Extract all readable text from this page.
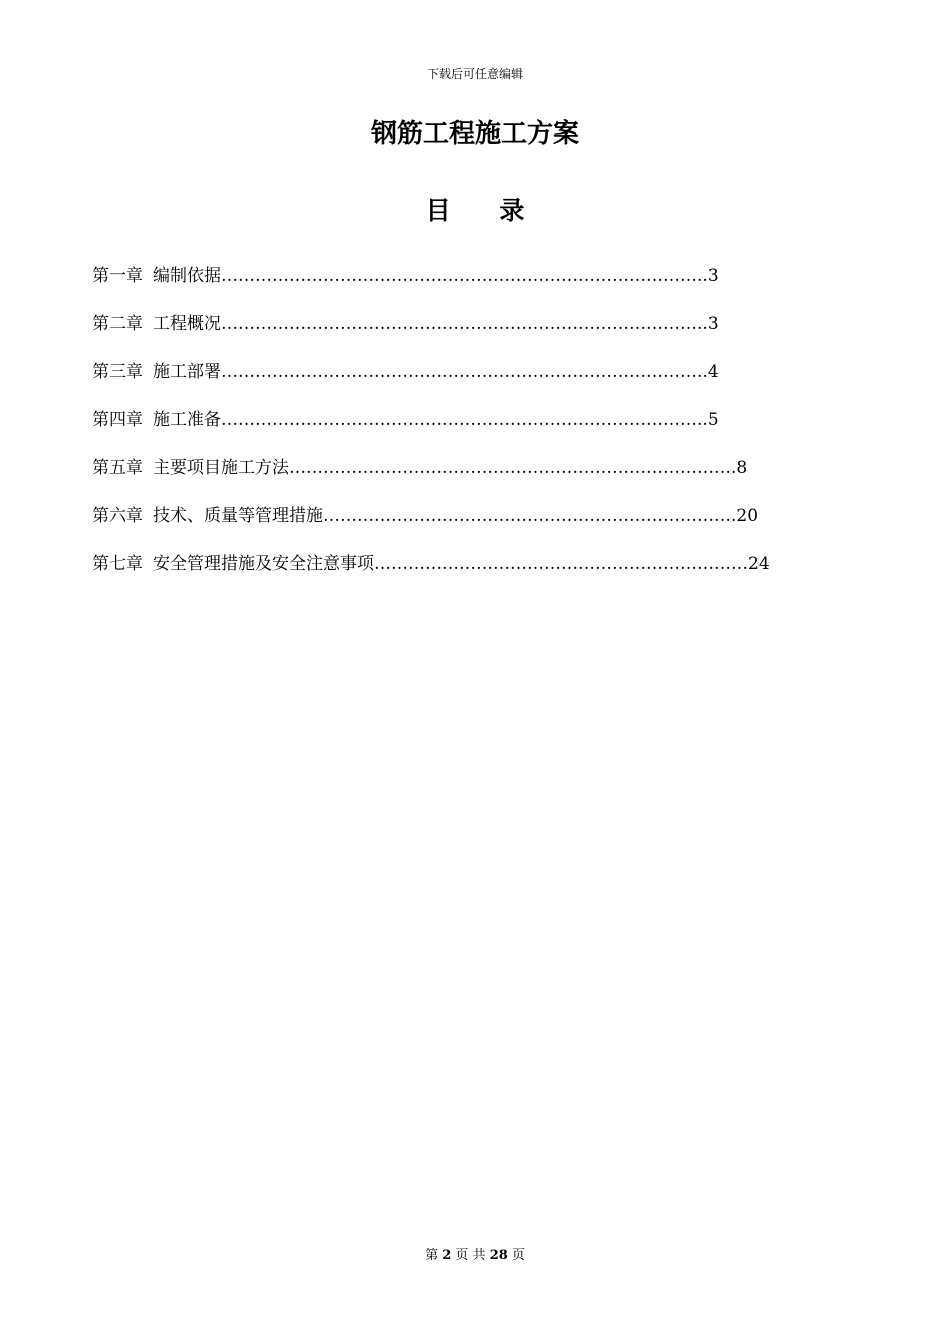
下载后可任意编辑
钢筋工程施工方案
目 录
第一章 编制依据 ………………………………………………………………………….. 3
第二章 工程概况 ………………………………………………………………………….. 3
第三章 施工部署 ………………………………………………………………………….. 4
第四章 施工准备 ………………………………………………………………………….. 5
第五章 主要项目施工方法 ……………………………………………………………………. 8
第六章 技术、质量等管理措施 ………………………………………………………………. 20
第七章 安全管理措施及安全注意事项 ………………………………………………………… 24
第 2 页 共 28 页
